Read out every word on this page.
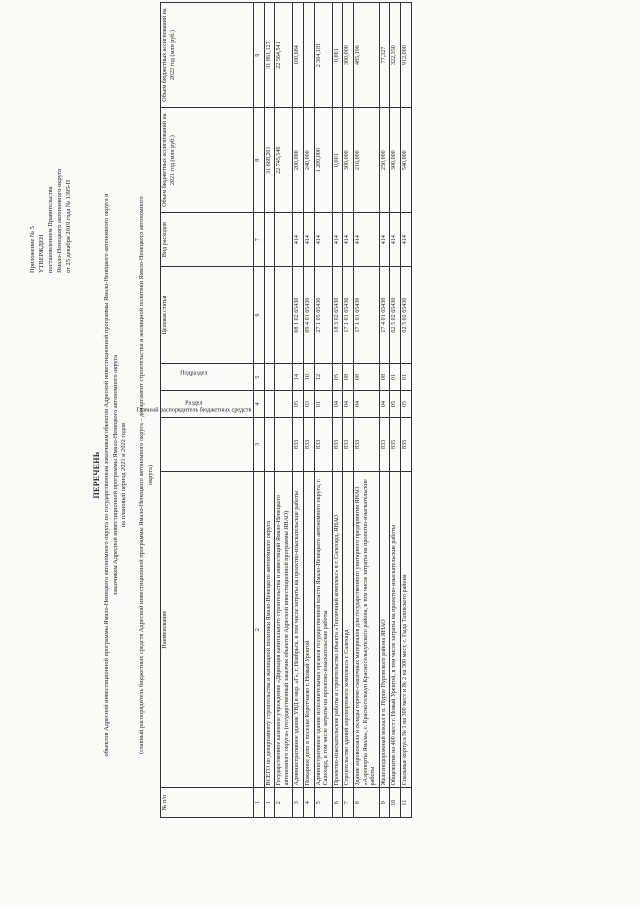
Приложение № 5 УТВЕРЖДЕН постановлением Правительства Ямало-Ненецкого автономного округа от 25 декабря 2019 года № 1395-П
ПЕРЕЧЕНЬ объектов Адресной инвестиционной программы Ямало-Ненецкого автономного округа по государственным заказчикам объектов Адресной инвестиционной программы Ямало-Ненецкого автономного округа и заказчикам Адресной инвестиционной программы Ямало-Ненецкого автономного округа на плановый период 2021 и 2022 годов (главный распорядитель бюджетных средств Адресной инвестиционной программы Ямало-Ненецкого автономного округа – департамент строительства и жилищной политики Ямало-Ненецкого автономного округа)
№ п/п	Наименование	Главный распорядитель бюджетных средств	Раздел	Подраздел	Целевая статья	Вид расходов	Объем бюджетных ассигнований на 2021 год (млн руб.)	Объем бюджетных ассигнований на 2022 год (млн руб.)
1	2	3	4	5	6	7	8	9
1	ВСЕГО по департаменту строительства и жилищной политики Ямало-Ненецкого автономного округа						31 668,201	31 861,127
2	Государственное казенное учреждение «Дирекция капитального строительства и инвестиций Ямало-Ненецкого автономного округа» (государственный заказчик объектов Адресной инвестиционной программы ЯНАО)						22 745,540	22 564,541
3	Административное здание УВД в мкр. «Г», г. Ноябрьск, в том числе затраты на проектно-изыскательские работы	833	05	14	08 1 02 65430	414	200,000	100,684
4	Пожарное депо в поселке Коротчаево г. Новый Уренгой	833	03	10	09 4 01 65430	414	240,000	
5	Административное здание исполнительных органов государственной власти Ямало-Ненецкого автономного округа, г. Салехард, в том числе затраты на проектно-изыскательские работы	833	01	12	27 1 05 65430	414	1 200,000	2 304,181
6	Проектно-изыскательские работы и строительство объекта «Тепличный комплекс» в г. Салехард, ЯНАО	833	04	05	18 3 02 65430	414	0,001	0,001
7	Строительство зданий аэропортового комплекса г. Салехард	833	04	08	17 1 01 65430	414	300,000	300,000
8	Здание аэровокзала и склады горюче-смазочных материалов для государственного унитарного предприятия ЯНАО «Аэропорты Ямала», с. Красноселькуп Красноселькупского района, в том числе затраты на проектно-изыскательские работы	833	04	08	17 1 01 65430	414	216,000	485,196
9	Железнодорожный вокзал в п. Пурпе Пуровского района ЯНАО	833	04	08	17 4 01 65430	414	250,000	77,327
10	Общежитие на 400 мест г. Новый Уренгой, в том числе затраты на проектно-изыскательские работы	835	05	01	02 5 02 65430	414	300,000	322,350
11	Спальные корпуса № 1 на 300 мест и № 2 на 300 мест, с. Гыда Тазовского района	835	05	01	02 5 02 65430	414	540,000	912,000
